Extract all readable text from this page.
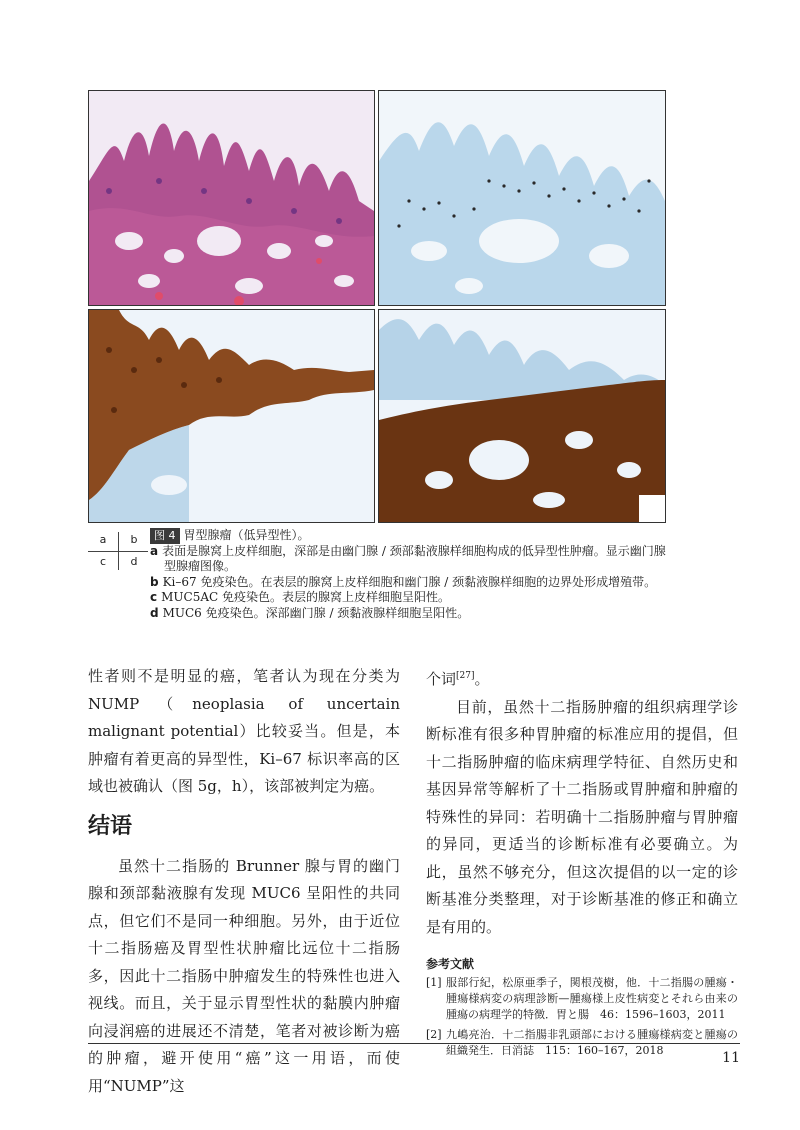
a	b
c	d

图 4 胃型腺瘤（低异型性）。

a 表面是腺窝上皮样细胞，深部是由幽门腺 / 颈部黏液腺样细胞构成的低异型性肿瘤。显示幽门腺

型腺瘤图像。

b Ki–67 免疫染色。在表层的腺窝上皮样细胞和幽门腺 / 颈黏液腺样细胞的边界处形成增殖带。

c MUC5AC 免疫染色。表层的腺窝上皮样细胞呈阳性。

d MUC6 免疫染色。深部幽门腺 / 颈黏液腺样细胞呈阳性。

性者则不是明显的癌，笔者认为现在分类为 NUMP（neoplasia of uncertain malignant potential）比较妥当。但是，本肿瘤有着更高的异型性，Ki–67 标识率高的区域也被确认（图 5g，h），该部被判定为癌。

结语

虽然十二指肠的 Brunner 腺与胃的幽门腺和颈部黏液腺有发现 MUC6 呈阳性的共同点，但它们不是同一种细胞。另外，由于近位十二指肠癌及胃型性状肿瘤比远位十二指肠多，因此十二指肠中肿瘤发生的特殊性也进入视线。而且，关于显示胃型性状的黏膜内肿瘤向浸润癌的进展还不清楚，笔者对被诊断为癌的肿瘤，避开使用“癌”这一用语，而使用“NUMP”这

个词[27]。

目前，虽然十二指肠肿瘤的组织病理学诊断标准有很多种胃肿瘤的标准应用的提倡，但十二指肠肿瘤的临床病理学特征、自然历史和基因异常等解析了十二指肠或胃肿瘤和肿瘤的特殊性的异同：若明确十二指肠肿瘤与胃肿瘤的异同，更适当的诊断标准有必要确立。为此，虽然不够充分，但这次提倡的以一定的诊断基准分类整理，对于诊断基准的修正和确立是有用的。

参考文献
[1] 服部行紀，松原亜季子，関根茂樹，他．十二指腸の腫瘍・腫瘍様病変の病理診断—腫瘍様上皮性病変とそれら由来の腫瘍の病理学的特徴．胃と腸　46：1596–1603，2011
[2] 九嶋亮治．十二指腸非乳頭部における腫瘍様病変と腫瘍の組織発生．日消誌　115：160–167，2018	11
